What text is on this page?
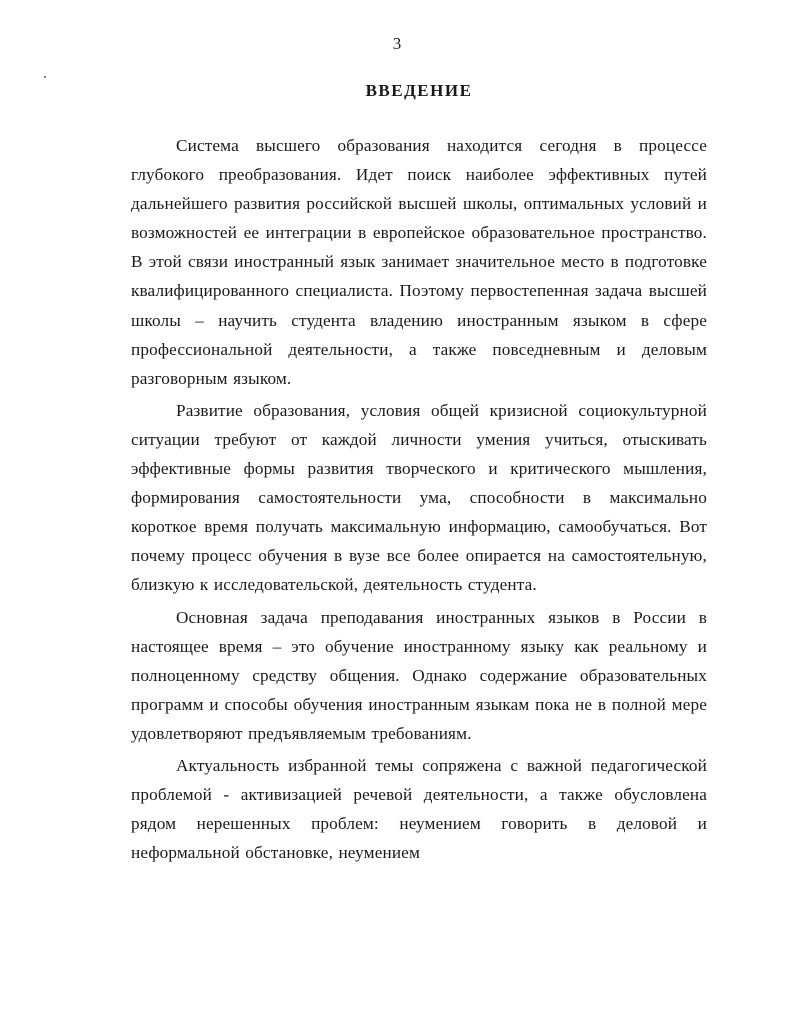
3
ВВЕДЕНИЕ

Система высшего образования находится сегодня в процессе глубокого преобразования. Идет поиск наиболее эффективных путей дальнейшего развития российской высшей школы, оптимальных условий и возможностей ее интеграции в европейское образовательное пространство. В этой связи иностранный язык занимает значительное место в подготовке квалифицированного специалиста. Поэтому первостепенная задача высшей школы – научить студента владению иностранным языком в сфере профессиональной деятельности, а также повседневным и деловым разговорным языком.

Развитие образования, условия общей кризисной социокультурной ситуации требуют от каждой личности умения учиться, отыскивать эффективные формы развития творческого и критического мышления, формирования самостоятельности ума, способности в максимально короткое время получать максимальную информацию, самообучаться. Вот почему процесс обучения в вузе все более опирается на самостоятельную, близкую к исследовательской, деятельность студента.

Основная задача преподавания иностранных языков в России в настоящее время – это обучение иностранному языку как реальному и полноценному средству общения. Однако содержание образовательных программ и способы обучения иностранным языкам пока не в полной мере удовлетворяют предъявляемым требованиям.

Актуальность избранной темы сопряжена с важной педагогической проблемой - активизацией речевой деятельности, а также обусловлена рядом нерешенных проблем: неумением говорить в деловой и неформальной обстановке, неумением
